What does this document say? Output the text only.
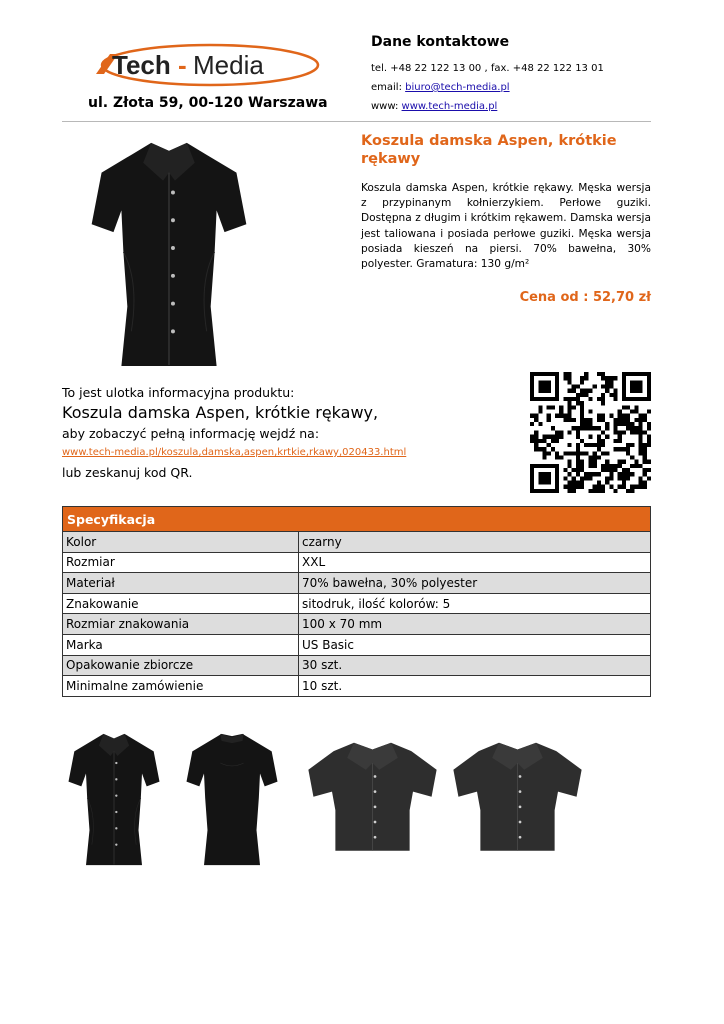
Tech - Media
ul. Złota 59, 00-120 Warszawa
Dane kontaktowe
tel. +48 22 122 13 00 , fax. +48 22 122 13 01
email: biuro@tech-media.pl
www: www.tech-media.pl
Koszula damska Aspen, krótkie rękawy
Koszula damska Aspen, krótkie rękawy. Męska wersja z przypinanym kołnierzykiem. Perłowe guziki. Dostępna z długim i krótkim rękawem. Damska wersja jest taliowana i posiada perłowe guziki. Męska wersja posiada kieszeń na piersi. 70% bawełna, 30% polyester. Gramatura: 130 g/m²
Cena od : 52,70 zł
To jest ulotka informacyjna produktu:
Koszula damska Aspen, krótkie rękawy,
aby zobaczyć pełną informację wejdź na:
www.tech-media.pl/koszula,damska,aspen,krtkie,rkawy,020433.html
lub zeskanuj kod QR.
Specyfikacja	
Kolor	czarny
Rozmiar	XXL
Materiał	70% bawełna, 30% polyester
Znakowanie	sitodruk, ilość kolorów: 5
Rozmiar znakowania	100 x 70 mm
Marka	US Basic
Opakowanie zbiorcze	30 szt.
Minimalne zamówienie	10 szt.
